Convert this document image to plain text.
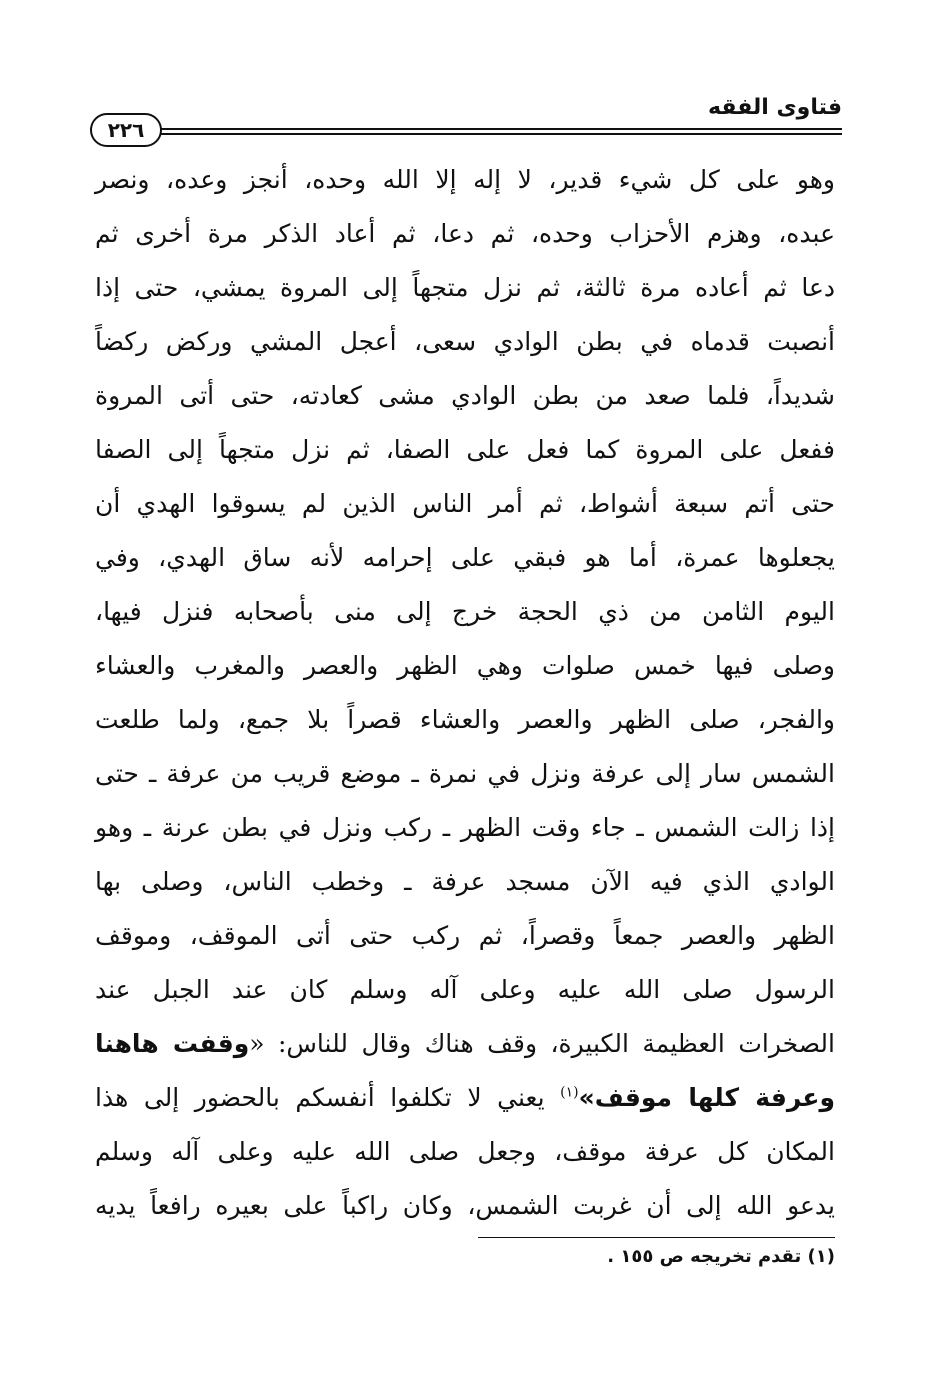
فتاوى الفقه
٢٢٦
وهو على كل شيء قدير، لا إله إلا الله وحده، أنجز وعده، ونصر
عبده، وهزم الأحزاب وحده، ثم دعا، ثم أعاد الذكر مرة أخرى ثم
دعا ثم أعاده مرة ثالثة، ثم نزل متجهاً إلى المروة يمشي، حتى إذا
أنصبت قدماه في بطن الوادي سعى، أعجل المشي وركض ركضاً
شديداً، فلما صعد من بطن الوادي مشى كعادته، حتى أتى المروة
ففعل على المروة كما فعل على الصفا، ثم نزل متجهاً إلى الصفا
حتى أتم سبعة أشواط، ثم أمر الناس الذين لم يسوقوا الهدي أن
يجعلوها عمرة، أما هو فبقي على إحرامه لأنه ساق الهدي، وفي
اليوم الثامن من ذي الحجة خرج إلى منى بأصحابه فنزل فيها،
وصلى فيها خمس صلوات وهي الظهر والعصر والمغرب والعشاء
والفجر، صلى الظهر والعصر والعشاء قصراً بلا جمع، ولما طلعت
الشمس سار إلى عرفة ونزل في نمرة ـ موضع قريب من عرفة ـ حتى
إذا زالت الشمس ـ جاء وقت الظهر ـ ركب ونزل في بطن عرنة ـ وهو
الوادي الذي فيه الآن مسجد عرفة ـ وخطب الناس، وصلى بها
الظهر والعصر جمعاً وقصراً، ثم ركب حتى أتى الموقف، وموقف
الرسول صلى الله عليه وعلى آله وسلم كان عند الجبل عند
الصخرات العظيمة الكبيرة، وقف هناك وقال للناس: «وقفت هاهنا
وعرفة كلها موقف»$^{(١)}$ يعني لا تكلفوا أنفسكم بالحضور إلى هذا
المكان كل عرفة موقف، وجعل صلى الله عليه وعلى آله وسلم
يدعو الله إلى أن غربت الشمس، وكان راكباً على بعيره رافعاً يديه
(١) تقدم تخريجه ص ١٥٥ .
